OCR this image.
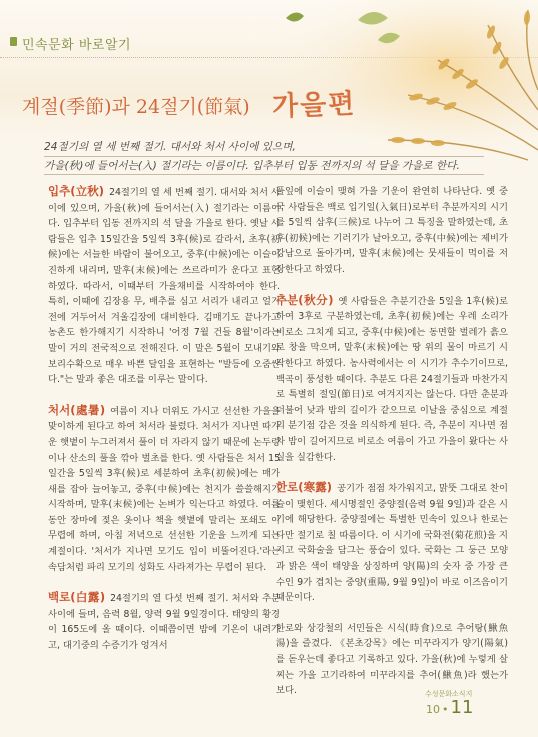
민속문화 바로알기
계절(季節)과 24절기(節氣) 가을편
24절기의 열 세 번째 절기. 대서와 처서 사이에 있으며,
가을(秋)에 들어서는(入) 절기라는 이름이다. 입추부터 입동 전까지의 석 달을 가을로 한다.

입추(立秋) 24절기의 열 세 번째 절기. 대서와 처서 사이에 있으며, 가을(秋)에 들어서는(入) 절기라는 이름이다. 입추부터 입동 전까지의 석 달을 가을로 한다. 옛날 사람들은 입추 15일간을 5일씩 3후(候)로 갈라서, 초후(初候)에는 서늘한 바람이 불어오고, 중후(中候)에는 이슬이 진하게 내리며, 말후(末候)에는 쓰르라미가 운다고 표현하였다. 따라서, 이때부터 가을채비를 시작하여야 한다. 특히, 이때에 김장용 무, 배추를 심고 서리가 내리고 얼기 전에 거두어서 겨울김장에 대비한다. 김매기도 끝나가고 농촌도 한가해지기 시작하니 '어정 7월 건들 8월'이라는 말이 거의 전국적으로 전해진다. 이 말은 5월이 모내기와 보리수확으로 매우 바쁜 달임을 표현하는 "발등에 오줌싼다."는 말과 좋은 대조를 이루는 말이다.

처서(處暑) 여름이 지나 더위도 가시고 선선한 가을을 맞이하게 된다고 하여 처서라 불렀다. 처서가 지나면 따가운 햇볕이 누그러져서 풀이 더 자라지 않기 때문에 논두렁이나 산소의 풀을 깎아 벌초를 한다. 옛 사람들은 처서 15일간을 5일씩 3후(候)로 세분하여 초후(初候)에는 매가 새를 잡아 늘어놓고, 중후(中候)에는 천지가 쓸쓸해지기 시작하며, 말후(末候)에는 논벼가 익는다고 하였다. 여름 동안 장마에 젖은 옷이나 책을 햇볕에 말리는 포쇄도 이 무렵에 하며, 아침 저녁으로 선선한 기운을 느끼게 되는 계절이다. '처서가 지나면 모기도 입이 비뚤어진다.'라는 속담처럼 파리 모기의 성화도 사라져가는 무렵이 된다.

백로(白露) 24절기의 열 다섯 번째 절기. 처서와 추분 사이에 들며, 음력 8월, 양력 9월 9일경이다. 태양의 황경이 165도에 올 때이다. 이때쯤이면 밤에 기온이 내려가고, 대기중의 수증기가 엉겨서

풀잎에 이슬이 맺혀 가을 기운이 완연히 나타난다. 옛 중국 사람들은 백로 입기일(入氣日)로부터 추분까지의 시기를 5일씩 삼후(三候)로 나누어 그 특징을 말하였는데, 초후(初候)에는 기러기가 날아오고, 중후(中候)에는 제비가 강남으로 돌아가며, 말후(末候)에는 뭇새들이 먹이를 저장한다고 하였다.

추분(秋分) 옛 사람들은 추분기간을 5일을 1후(候)로 하여 3후로 구분하였는데, 초후(初候)에는 우레 소리가 비로소 그치게 되고, 중후(中候)에는 동면할 벌레가 흙으로 창을 막으며, 말후(末候)에는 땅 위의 물이 마르기 시작한다고 하였다. 농사력에서는 이 시기가 추수기이므로, 백곡이 풍성한 때이다. 추분도 다른 24절기들과 마찬가지로 특별히 절일(節日)로 여겨지지는 않는다. 다만 춘분과 더불어 낮과 밤의 길이가 같으므로 이날을 중심으로 계절의 분기점 감은 것을 의식하게 된다. 즉, 추분이 지나면 점차 밤이 길어지므로 비로소 여름이 가고 가을이 왔다는 사실을 실감한다.

한로(寒露) 공기가 점점 차가워지고, 맑뚯 그대로 찬이슬이 맺힌다. 세시명절인 중양절(음력 9월 9일)과 같은 시기에 해당한다. 중양절에는 특별한 민속이 있으나 한로는 다만 절기로 칠 따름이다. 이 시기에 국화전(菊花煎)을 지지고 국화술을 담그는 풍습이 있다. 국화는 그 둥근 모양과 밝은 색이 태양을 상징하며 양(陽)의 숫자 중 가장 큰 수인 9가 겹치는 중양(重陽, 9월 9일)이 바로 이즈음이기 때문이다.

한로와 상강철의 서민들은 시식(時食)으로 추어탕(鰍魚湯)을 즐겼다. 《본초강목》에는 미꾸라지가 양기(陽氣)를 돋우는데 좋다고 기록하고 있다. 가을(秋)에 누렇게 살찌는 가을 고기라하여 미꾸라지를 추어(鰍魚)라 했는가 보다.	수성문화소식지
10 • 11
